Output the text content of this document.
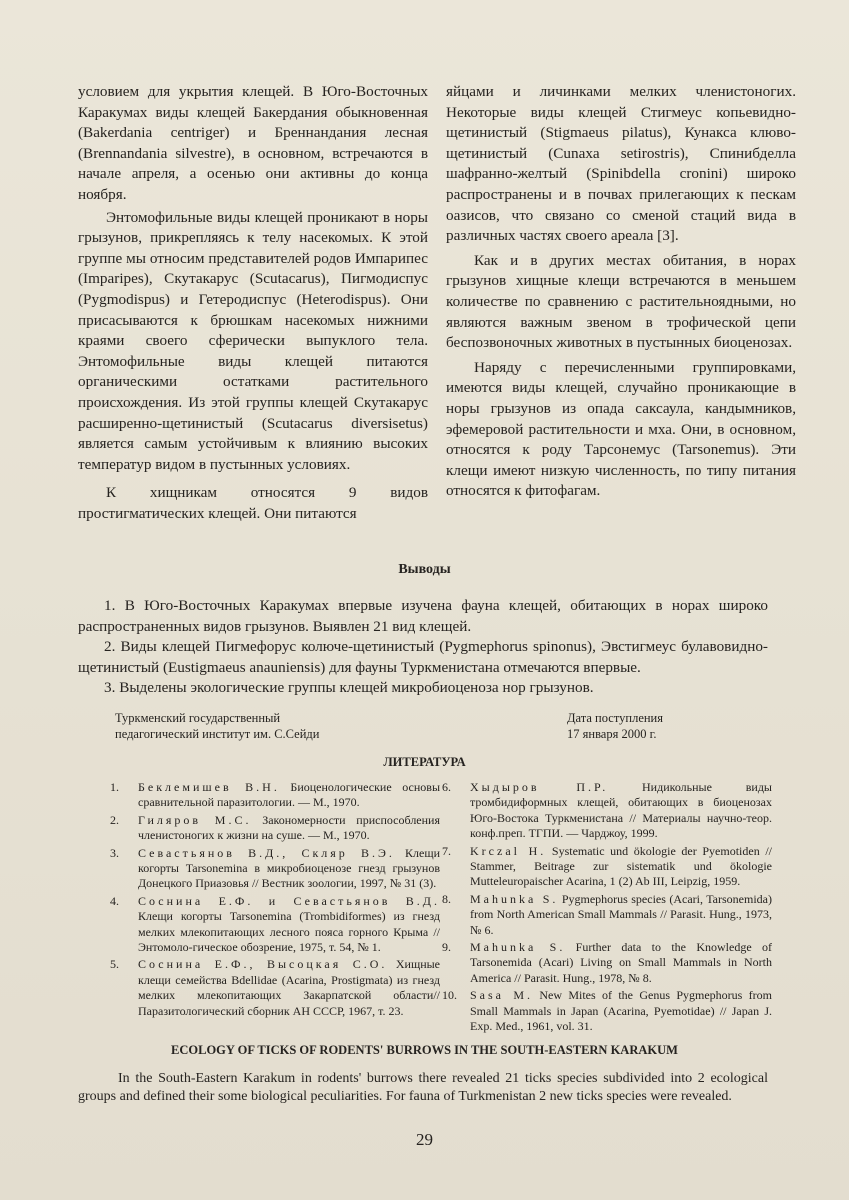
условием для укрытия клещей. В Юго-Восточных Каракумах виды клещей Бакердания обыкновенная (Bakerdania centriger) и Бреннандания лесная (Brennandania silvestre), в основном, встречаются в начале апреля, а осенью они активны до конца ноября.

Энтомофильные виды клещей проникают в норы грызунов, прикрепляясь к телу насекомых. К этой группе мы относим представителей родов Импарипес (Imparipes), Скутакарус (Scutacarus), Пигмодиспус (Pygmodispus) и Гетеродиспус (Heterodispus). Они присасываются к брюшкам насекомых нижними краями своего сферически выпуклого тела. Энтомофильные виды клещей питаются органическими остатками растительного происхождения. Из этой группы клещей Скутакарус расширенно-щетинистый (Scutacarus diversisetus) является самым устойчивым к влиянию высоких температур видом в пустынных условиях.

К хищникам относятся 9 видов простигматических клещей. Они питаются

яйцами и личинками мелких членистоногих. Некоторые виды клещей Стигмеус копьевидно-щетинистый (Stigmaeus pilatus), Кунакса клюво-щетинистый (Cunaxa setirostris), Спинибделла шафранно-желтый (Spinibdella cronini) широко распространены и в почвах прилегающих к пескам оазисов, что связано со сменой стаций вида в различных частях своего ареала [3].

Как и в других местах обитания, в норах грызунов хищные клещи встречаются в меньшем количестве по сравнению с растительноядными, но являются важным звеном в трофической цепи беспозвоночных животных в пустынных биоценозах.

Наряду с перечисленными группировками, имеются виды клещей, случайно проникающие в норы грызунов из опада саксаула, кандымников, эфемеровой растительности и мха. Они, в основном, относятся к роду Тарсонемус (Tarsonemus). Эти клещи имеют низкую численность, по типу питания относятся к фитофагам.

Выводы

1. В Юго-Восточных Каракумах впервые изучена фауна клещей, обитающих в норах широко распространенных видов грызунов. Выявлен 21 вид клещей.

2. Виды клещей Пигмефорус колюче-щетинистый (Pygmephorus spinonus), Эвстигмеус булавовидно-щетинистый (Eustigmaeus anauniensis) для фауны Туркменистана отмечаются впервые.

3. Выделены экологические группы клещей микробиоценоза нор грызунов.

Туркменский государственный
педагогический институт им. С.Сейди
Дата поступления
17 января 2000 г.
ЛИТЕРАТУРА
1. Беклемишев В.Н. Биоценологические основы сравнительной паразитологии. — М., 1970.
2. Гиляров М.С. Закономерности приспособления членистоногих к жизни на суше. — М., 1970.
3. Севастьянов В.Д., Скляр В.Э. Клещи когорты Tarsonemina в микробиоценозе гнезд грызунов Донецкого Приазовья // Вестник зоологии, 1997, № 31 (3).
4. Соснина Е.Ф. и Севастьянов В.Д. Клещи когорты Tarsonemina (Trombidiformes) из гнезд мелких млекопитающих лесного пояса горного Крыма // Энтомоло-гическое обозрение, 1975, т. 54, № 1.
5. Соснина Е.Ф., Высоцкая С.О. Хищные клещи семейства Bdellidae (Acarina, Prostigmata) из гнезд мелких млекопитающих Закарпатской области// Паразитологический сборник АН СССР, 1967, т. 23.
6. Хыдыров П.Р. Нидикольные виды тромбидиформных клещей, обитающих в биоценозах Юго-Востока Туркменистана // Материалы научно-теор. конф.преп. ТГПИ. — Чарджоу, 1999.
7. Krczal H. Systematic und ökologie der Pyemotiden // Stammer, Beitrage zur sistematik und ökologie Mutteleuropaischer Acarina, 1 (2) Ab III, Leipzig, 1959.
8. Mahunka S. Pygmephorus species (Acari, Tarsonemida) from North American Small Mammals // Parasit. Hung., 1973, № 6.
9. Mahunka S. Further data to the Knowledge of Tarsonemida (Acari) Living on Small Mammals in North America // Parasit. Hung., 1978, № 8.
10. Sasa M. New Mites of the Genus Pygmephorus from Small Mammals in Japan (Acarina, Pyemotidae) // Japan J. Exp. Med., 1961, vol. 31.
ECOLOGY OF TICKS OF RODENTS' BURROWS IN THE SOUTH-EASTERN KARAKUM

In the South-Eastern Karakum in rodents' burrows there revealed 21 ticks species subdivided into 2 ecological groups and defined their some biological peculiarities. For fauna of Turkmenistan 2 new ticks species were revealed.

29
